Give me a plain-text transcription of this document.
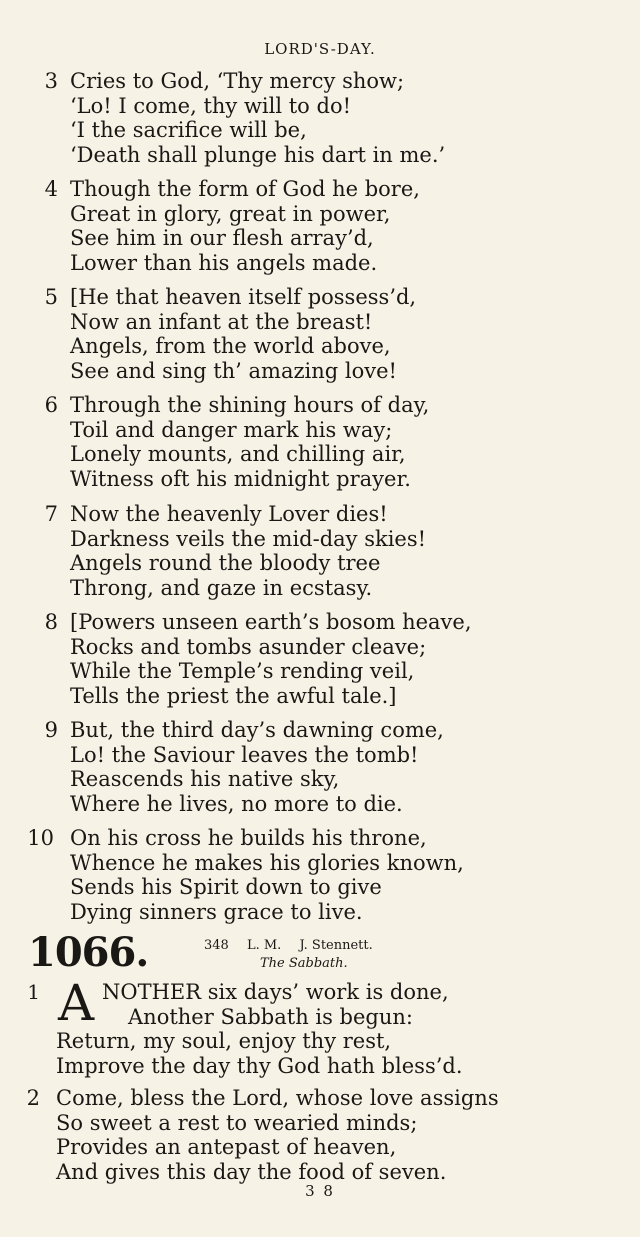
LORD'S-DAY.
3 Cries to God, ‘Thy mercy show;
‘Lo! I come, thy will to do!
‘I the sacrifice will be,
‘Death shall plunge his dart in me.’
4 Though the form of God he bore,
Great in glory, great in power,
See him in our flesh array’d,
Lower than his angels made.
5 [He that heaven itself possess’d,
Now an infant at the breast!
Angels, from the world above,
See and sing th’ amazing love!
6 Through the shining hours of day,
Toil and danger mark his way;
Lonely mounts, and chilling air,
Witness oft his midnight prayer.
7 Now the heavenly Lover dies!
Darkness veils the mid-day skies!
Angels round the bloody tree
Throng, and gaze in ecstasy.
8 [Powers unseen earth’s bosom heave,
Rocks and tombs asunder cleave;
While the Temple’s rending veil,
Tells the priest the awful tale.]
9 But, the third day’s dawning come,
Lo! the Saviour leaves the tomb!
Reascends his native sky,
Where he lives, no more to die.
10 On his cross he builds his throne,
Whence he makes his glories known,
Sends his Spirit down to give
Dying sinners grace to live.
1066.	348 L. M. J. Stennett.
The Sabbath.
1	NOTHER six days’ work is done,
Another Sabbath is begun:
Return, my soul, enjoy thy rest,
Improve the day thy God hath bless’d.
A
2 Come, bless the Lord, whose love assigns
So sweet a rest to wearied minds;
Provides an antepast of heaven,
And gives this day the food of seven.
3 8
